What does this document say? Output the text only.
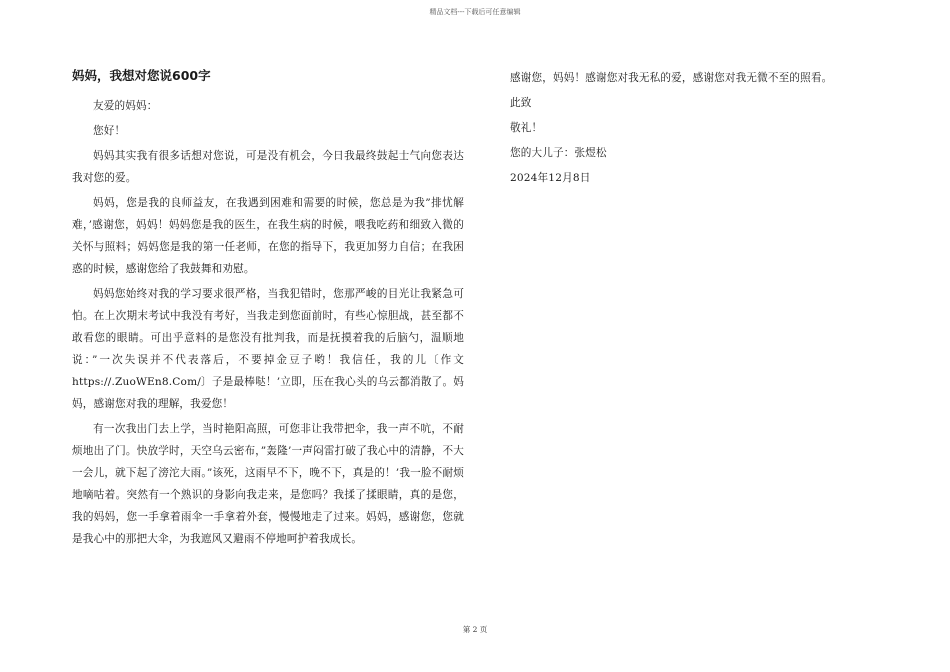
精品文档---下载后可任意编辑
妈妈，我想对您说600字

友爱的妈妈：

您好！

妈妈其实我有很多话想对您说，可是没有机会，今日我最终鼓起士气向您表达我对您的爱。

妈妈，您是我的良师益友，在我遇到困难和需要的时候，您总是为我”排忧解难，’感谢您，妈妈！妈妈您是我的医生，在我生病的时候，喂我吃药和细致入微的关怀与照料；妈妈您是我的第一任老师，在您的指导下，我更加努力自信；在我困惑的时候，感谢您给了我鼓舞和劝慰。

妈妈您始终对我的学习要求很严格，当我犯错时，您那严峻的目光让我紧急可怕。在上次期末考试中我没有考好，当我走到您面前时，有些心惊胆战，甚至都不敢看您的眼睛。可出乎意料的是您没有批判我，而是抚摸着我的后脑勺，温顺地说：”一次失误并不代表落后，不要掉金豆子哟！我信任，我的儿〔作文https://.ZuoWEn8.Com/〕子是最棒哒！’立即，压在我心头的乌云都消散了。妈妈，感谢您对我的理解，我爱您！

有一次我出门去上学，当时艳阳高照，可您非让我带把伞，我一声不吭，不耐烦地出了门。快放学时，天空乌云密布，”轰隆’一声闷雷打破了我心中的清静，不大一会儿，就下起了滂沱大雨。”该死，这雨早不下，晚不下，真是的！’我一脸不耐烦地嘀咕着。突然有一个熟识的身影向我走来，是您吗？我揉了揉眼睛，真的是您，我的妈妈，您一手拿着雨伞一手拿着外套，慢慢地走了过来。妈妈，感谢您，您就是我心中的那把大伞，为我遮风又避雨不停地呵护着我成长。

感谢您，妈妈！感谢您对我无私的爱，感谢您对我无微不至的照看。

此致

敬礼！

您的大儿子：张煜松

2024年12月8日

第 2 页
